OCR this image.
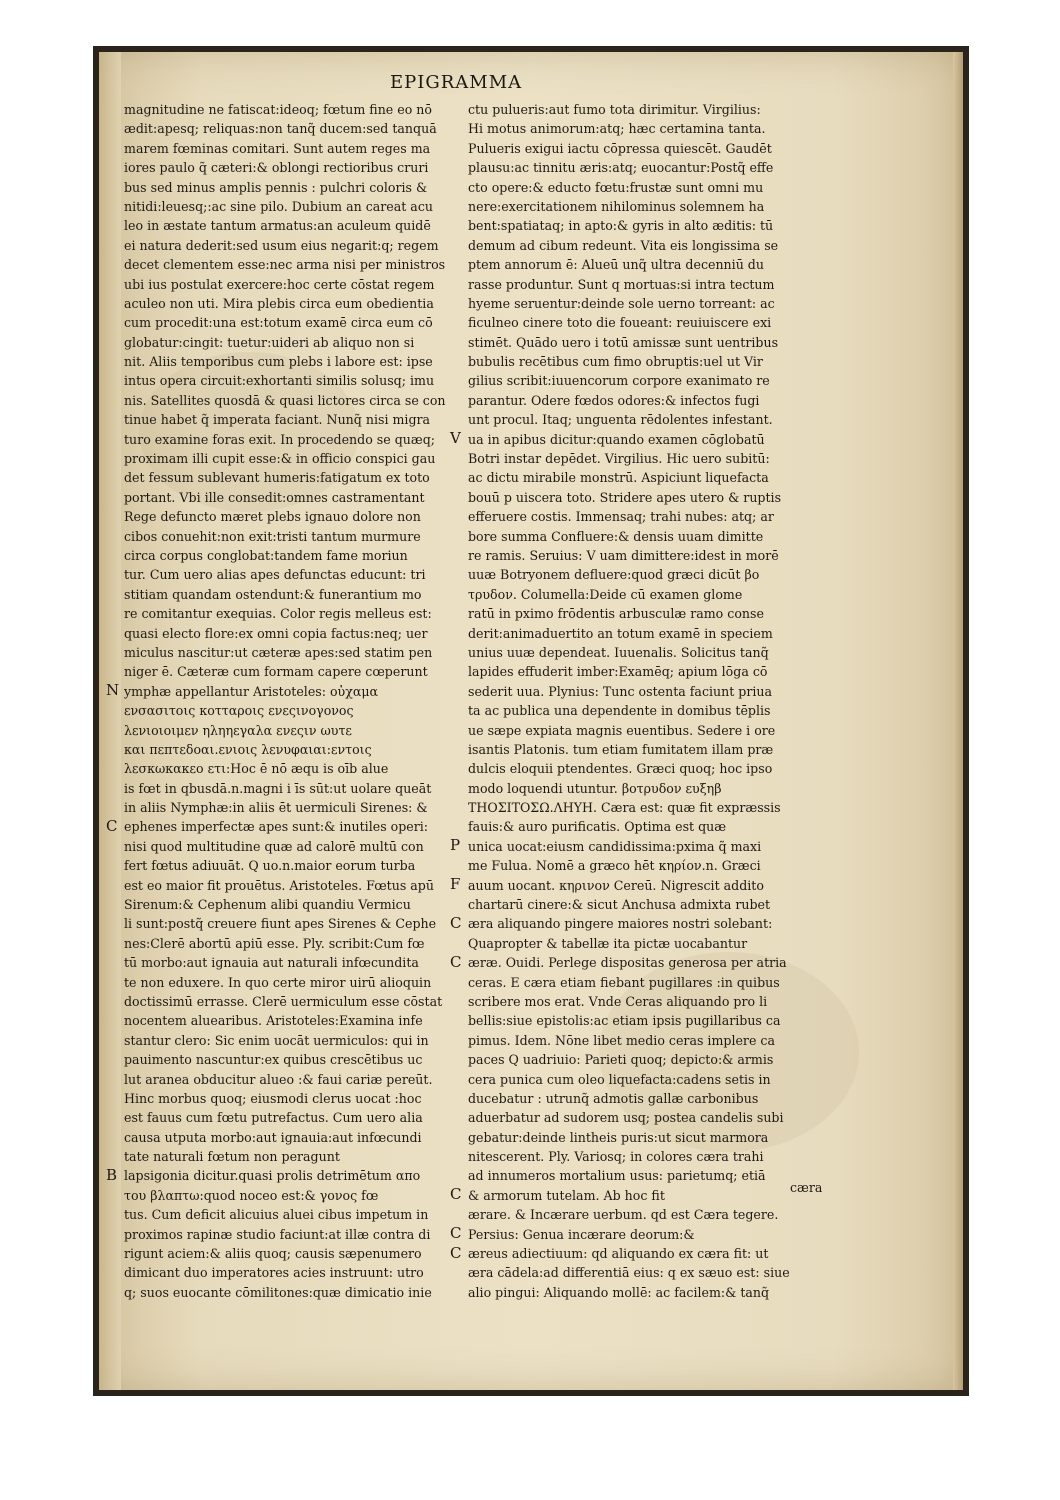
EPIGRAMMA
magnitudine ne fatiscat:ideoq; fœtum fine eo nō
ædit:apesq; reliquas:non tanq̃ ducem:sed tanquā
marem fœminas comitari. Sunt autem reges ma
iores paulo q̃ cæteri:& oblongi rectioribus cruri
bus sed minus amplis pennis : pulchri coloris &
nitidi:leuesq;:ac sine pilo. Dubium an careat acu
leo in æstate tantum armatus:an aculeum quidē
ei natura dederit:sed usum eius negarit:q; regem
decet clementem esse:nec arma nisi per ministros
ubi ius postulat exercere:hoc certe cōstat regem
aculeo non uti. Mira plebis circa eum obedientia
cum procedit:una est:totum examē circa eum cō
globatur:cingit: tuetur:uideri ab aliquo non si
nit. Aliis temporibus cum plebs i labore est: ipse
intus opera circuit:exhortanti similis solusq; imu
nis. Satellites quosdā & quasi lictores circa se con
tinue habet q̃ imperata faciant. Nunq̃ nisi migra
turo examine foras exit. In procedendo se quæq;
proximam illi cupit esse:& in officio conspici gau
det fessum sublevant humeris:fatigatum ex toto
portant. Vbi ille consedit:omnes castramentant
Rege defuncto mæret plebs ignauo dolore non
cibos conuehit:non exit:tristi tantum murmure
circa corpus conglobat:tandem fame moriun
tur. Cum uero alias apes defunctas educunt: tri
stitiam quandam ostendunt:& funerantium mo
re comitantur exequias. Color regis melleus est:
quasi electo flore:ex omni copia factus:neq; uer
miculus nascitur:ut cæteræ apes:sed statim pen
niger ē. Cæteræ cum formam capere cœperunt
ymphæ appellantur Aristoteles: οὐχαμα
ενσασιτοις κοτταροις ενεςινογονος
λενιοιοιμεν ηληηεγαλα ενεςιν ωυτε
και πεπτεδοαι.ενιοις λενυφαιαι:εντοις
λεσκωκακεο ετι:Hoc ē nō æqu is oīb alue
is fœt in qbusdā.n.magni i īs sūt:ut uolare queāt
in aliis Nymphæ:in aliis ēt uermiculi Sirenes: &
ephenes imperfectæ apes sunt:& inutiles operi:
nisi quod multitudine quæ ad calorē multū con
fert fœtus adiuuāt. Q uo.n.maior eorum turba
est eo maior fit prouētus. Aristoteles. Fœtus apū
Sirenum:& Cephenum alibi quandiu Vermicu
li sunt:postq̃ creuere fiunt apes Sirenes & Cephe
nes:Clerē abortū apiū esse. Ply. scribit:Cum fœ
tū morbo:aut ignauia aut naturali infœcundita
te non eduxere. In quo certe miror uirū alioquin
doctissimū errasse. Clerē uermiculum esse cōstat
nocentem aluearibus. Aristoteles:Examina infe
stantur clero: Sic enim uocāt uermiculos: qui in
pauimento nascuntur:ex quibus crescētibus uc
lut aranea obducitur alueo :& faui cariæ pereūt.
Hinc morbus quoq; eiusmodi clerus uocat :hoc
est fauus cum fœtu putrefactus. Cum uero alia
causa utputa morbo:aut ignauia:aut infœcundi
tate naturali fœtum non peragunt
lapsigonia dicitur.quasi prolis detrimētum απο
του βλαπτω:quod noceo est:& γονος fœ
tus. Cum deficit alicuius aluei cibus impetum in
proximos rapinæ studio faciunt:at illæ contra di
rigunt aciem:& aliis quoq; causis sæpenumero
dimicant duo imperatores acies instruunt: utro
q; suos euocante cōmilitones:quæ dimicatio inie
ctu pulueris:aut fumo tota dirimitur. Virgilius:
Hi motus animorum:atq; hæc certamina tanta.
Pulueris exigui iactu cōpressa quiescēt. Gaudēt
plausu:ac tinnitu æris:atq; euocantur:Postq̃ effe
cto opere:& educto fœtu:frustæ sunt omni mu
nere:exercitationem nihilominus solemnem ha
bent:spatiataq; in apto:& gyris in alto æditis: tū
demum ad cibum redeunt. Vita eis longissima se
ptem annorum ē: Alueū unq̃ ultra decenniū du
rasse produntur. Sunt q mortuas:si intra tectum
hyeme seruentur:deinde sole uerno torreant: ac
ficulneo cinere toto die foueant: reuiuiscere exi
stimēt. Quādo uero i totū amissæ sunt uentribus
bubulis recētibus cum fimo obruptis:uel ut Vir
gilius scribit:iuuencorum corpore exanimato re
parantur. Odere fœdos odores:& infectos fugi
unt procul. Itaq; unguenta rēdolentes infestant.
ua in apibus dicitur:quando examen cōglobatū
Botri instar depēdet. Virgilius. Hic uero subitū:
ac dictu mirabile monstrū. Aspiciunt liquefacta
bouū p uiscera toto. Stridere apes utero & ruptis
efferuere costis. Immensaq; trahi nubes: atq; ar
bore summa Confluere:& densis uuam dimitte
re ramis. Seruius: V uam dimittere:idest in morē
uuæ Botryonem defluere:quod græci dicūt βο
τρυδον. Columella:Deide cū examen glome
ratū in pximo frōdentis arbusculæ ramo conse
derit:animaduertito an totum examē in speciem
unius uuæ dependeat. Iuuenalis. Solicitus tanq̃
lapides effuderit imber:Examēq; apium lōga cō
sederit uua. Plynius: Tunc ostenta faciunt priua
ta ac publica una dependente in domibus tēplis
ue sæpe expiata magnis euentibus. Sedere i ore
isantis Platonis. tum etiam fumitatem illam præ
dulcis eloquii ptendentes. Græci quoq; hoc ipso
modo loquendi utuntur. βοτρυδον ευξηβ
ΤΗΟΣΙΤΟΣΩ.ΛΗΥΗ. Cæra est: quæ fit expræssis
fauis:& auro purificatis. Optima est quæ
unica uocat:eiusm candidissima:pxima q̃ maxi
me Fulua. Nomē a græco hēt κηρίον.n. Græci
auum uocant. κηρινον Cereū. Nigrescit addito
chartarū cinere:& sicut Anchusa admixta rubet
æra aliquando pingere maiores nostri solebant:
Quapropter & tabellæ ita pictæ uocabantur
æræ. Ouidi. Perlege dispositas generosa per atria
ceras. E cæra etiam fiebant pugillares :in quibus
scribere mos erat. Vnde Ceras aliquando pro li
bellis:siue epistolis:ac etiam ipsis pugillaribus ca
pimus. Idem. Nōne libet medio ceras implere ca
paces Q uadriuio: Parieti quoq; depicto:& armis
cera punica cum oleo liquefacta:cadens setis in
ducebatur : utrunq̃ admotis gallæ carbonibus
aduerbatur ad sudorem usq; postea candelis subi
gebatur:deinde lintheis puris:ut sicut marmora
nitescerent. Ply. Variosq; in colores cæra trahi
ad innumeros mortalium usus: parietumq; etiā
& armorum tutelam. Ab hoc fit
ærare. & Incærare uerbum. qd est Cæra tegere.
Persius: Genua incærare deorum:&
æreus adiectiuum: qd aliquando ex cæra fit: ut
æra cādela:ad differentiā eius: q ex sæuo est: siue
alio pingui: Aliquando mollē: ac facilem:& tanq̃
N
C
B
V
P
F
C
C
C
C
C
cæra
